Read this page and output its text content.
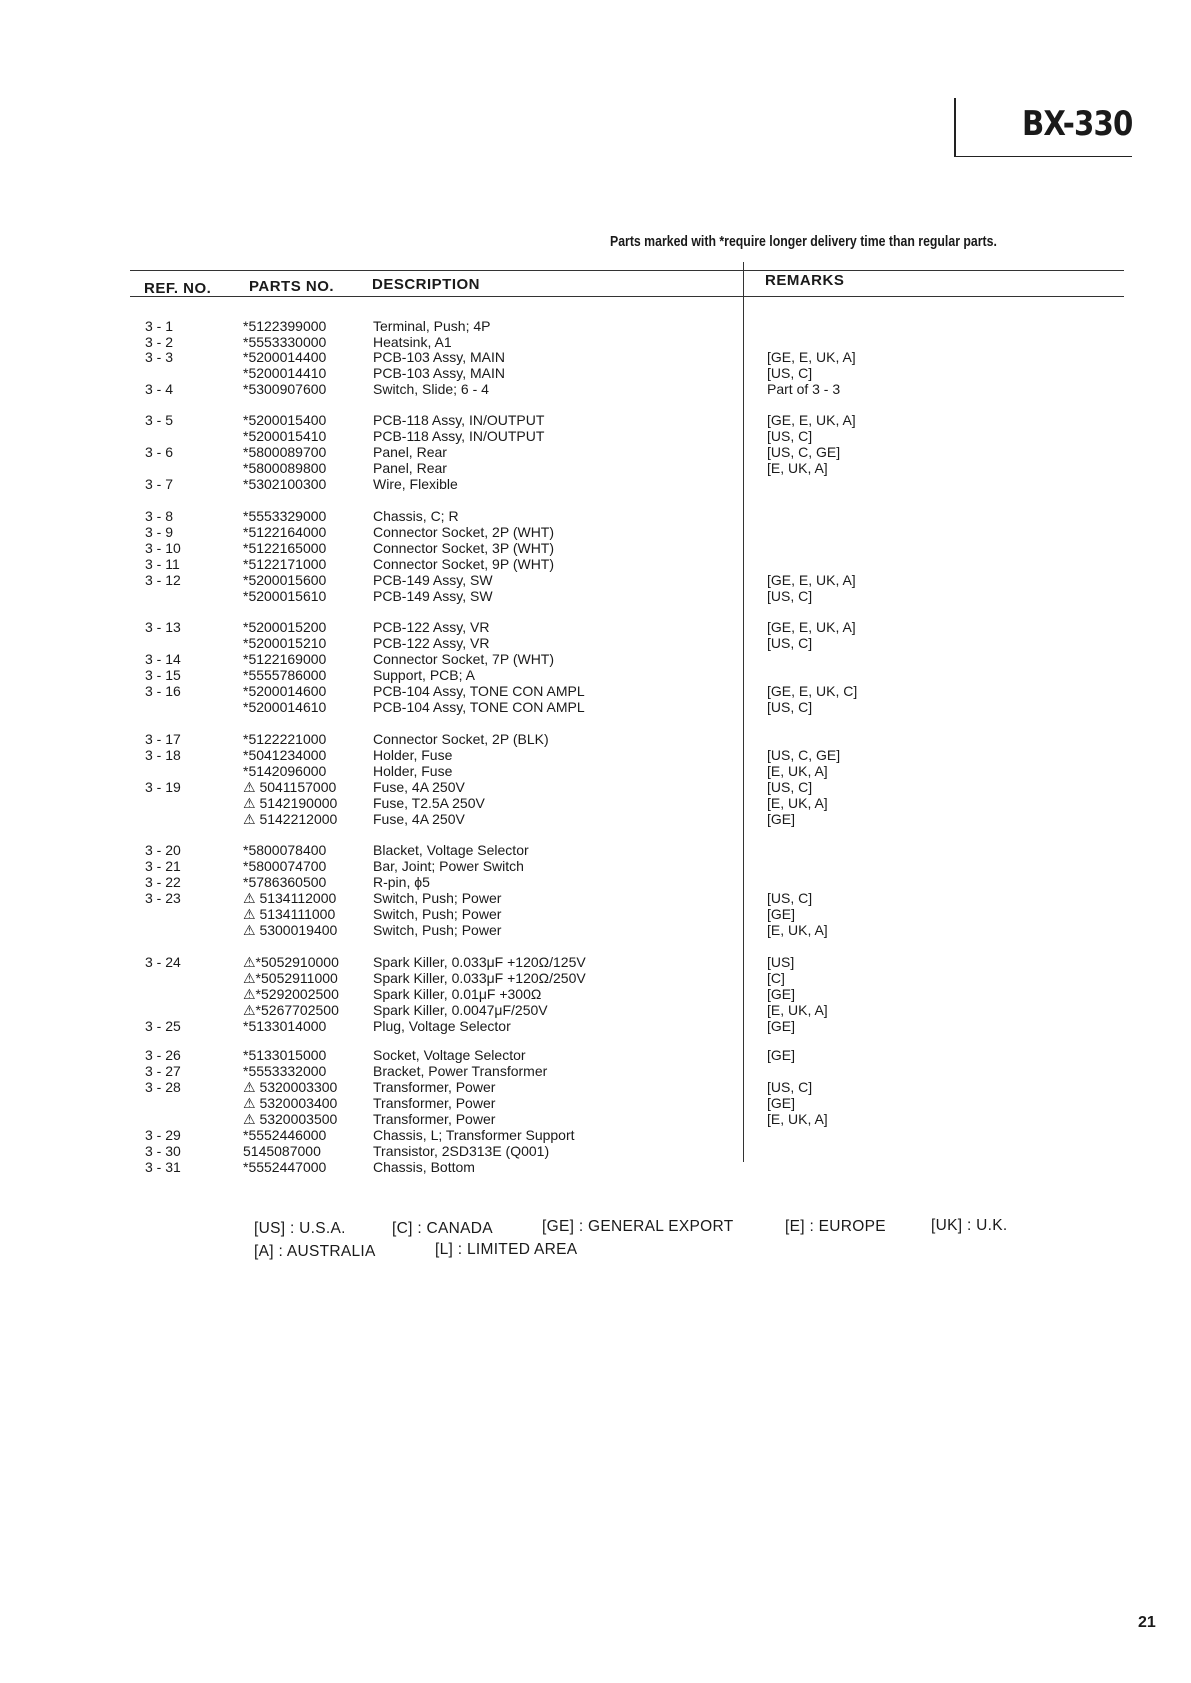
BX-330
Parts marked with *require longer delivery time than regular parts.
REF. NO.	PARTS NO.	DESCRIPTION	REMARKS
3 - 1	*5122399000	Terminal, Push; 4P
3 - 2	*5553330000	Heatsink, A1
3 - 3	*5200014400	PCB-103 Assy, MAIN	[GE, E, UK, A]
*5200014410	PCB-103 Assy, MAIN	[US, C]
3 - 4	*5300907600	Switch, Slide; 6 - 4	Part of 3 - 3
3 - 5	*5200015400	PCB-118 Assy, IN/OUTPUT	[GE, E, UK, A]
*5200015410	PCB-118 Assy, IN/OUTPUT	[US, C]
3 - 6	*5800089700	Panel, Rear	[US, C, GE]
*5800089800	Panel, Rear	[E, UK, A]
3 - 7	*5302100300	Wire, Flexible
3 - 8	*5553329000	Chassis, C; R
3 - 9	*5122164000	Connector Socket, 2P (WHT)
3 - 10	*5122165000	Connector Socket, 3P (WHT)
3 - 11	*5122171000	Connector Socket, 9P (WHT)
3 - 12	*5200015600	PCB-149 Assy, SW	[GE, E, UK, A]
*5200015610	PCB-149 Assy, SW	[US, C]
3 - 13	*5200015200	PCB-122 Assy, VR	[GE, E, UK, A]
*5200015210	PCB-122 Assy, VR	[US, C]
3 - 14	*5122169000	Connector Socket, 7P (WHT)
3 - 15	*5555786000	Support, PCB; A
3 - 16	*5200014600	PCB-104 Assy, TONE CON AMPL	[GE, E, UK, C]
*5200014610	PCB-104 Assy, TONE CON AMPL	[US, C]
3 - 17	*5122221000	Connector Socket, 2P (BLK)
3 - 18	*5041234000	Holder, Fuse	[US, C, GE]
*5142096000	Holder, Fuse	[E, UK, A]
3 - 19	⚠ 5041157000	Fuse, 4A 250V	[US, C]
⚠ 5142190000	Fuse, T2.5A 250V	[E, UK, A]
⚠ 5142212000	Fuse, 4A 250V	[GE]
3 - 20	*5800078400	Blacket, Voltage Selector
3 - 21	*5800074700	Bar, Joint; Power Switch
3 - 22	*5786360500	R-pin, ϕ5
3 - 23	⚠ 5134112000	Switch, Push; Power	[US, C]
⚠ 5134111000	Switch, Push; Power	[GE]
⚠ 5300019400	Switch, Push; Power	[E, UK, A]
3 - 24	⚠*5052910000 Spark Killer, 0.033μF +120Ω/125V	[US]
⚠*5052911000	Spark Killer, 0.033μF +120Ω/250V	[C]
⚠*5292002500 Spark Killer, 0.01μF +300Ω	[GE]
⚠*5267702500 Spark Killer, 0.0047μF/250V	[E, UK, A]
3 - 25	*5133014000	Plug, Voltage Selector	[GE]
3 - 26	*5133015000	Socket, Voltage Selector	[GE]
3 - 27	*5553332000	Bracket, Power Transformer
3 - 28	⚠ 5320003300	Transformer, Power	[US, C]
⚠ 5320003400	Transformer, Power	[GE]
⚠ 5320003500	Transformer, Power	[E, UK, A]
3 - 29	*5552446000	Chassis, L; Transformer Support
3 - 30	5145087000	Transistor, 2SD313E (Q001)
3 - 31	*5552447000	Chassis, Bottom
[US] : U.S.A.	[C] : CANADA	[GE] : GENERAL EXPORT	[E] : EUROPE	[UK] : U.K.
[A] : AUSTRALIA	[L] : LIMITED AREA
21
